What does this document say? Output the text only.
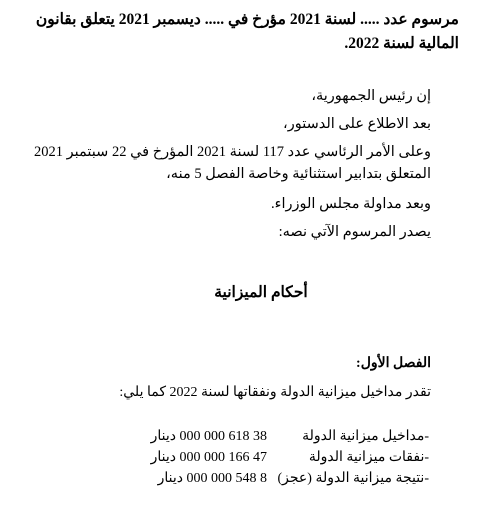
مرسوم عدد ..... لسنة 2021 مؤرخ في ..... ديسمبر 2021 يتعلق بقانون
المالية لسنة 2022.
إن رئيس الجمهورية،
بعد الاطلاع على الدستور،
وعلى الأمر الرئاسي عدد 117 لسنة 2021 المؤرخ في 22 سبتمبر 2021
المتعلق بتدابير استثنائية وخاصة الفصل 5 منه،
وبعد مداولة مجلس الوزراء.
يصدر المرسوم الآتي نصه:
أحكام الميزانية
الفصل الأول:
تقدر مداخيل ميزانية الدولة ونفقاتها لسنة 2022 كما يلي:
-مداخيل ميزانية الدولة
38 618 000 000 دينار
-نفقات ميزانية الدولة
47 166 000 000 دينار
-نتيجة ميزانية الدولة (عجز)
8 548 000 000 دينار
